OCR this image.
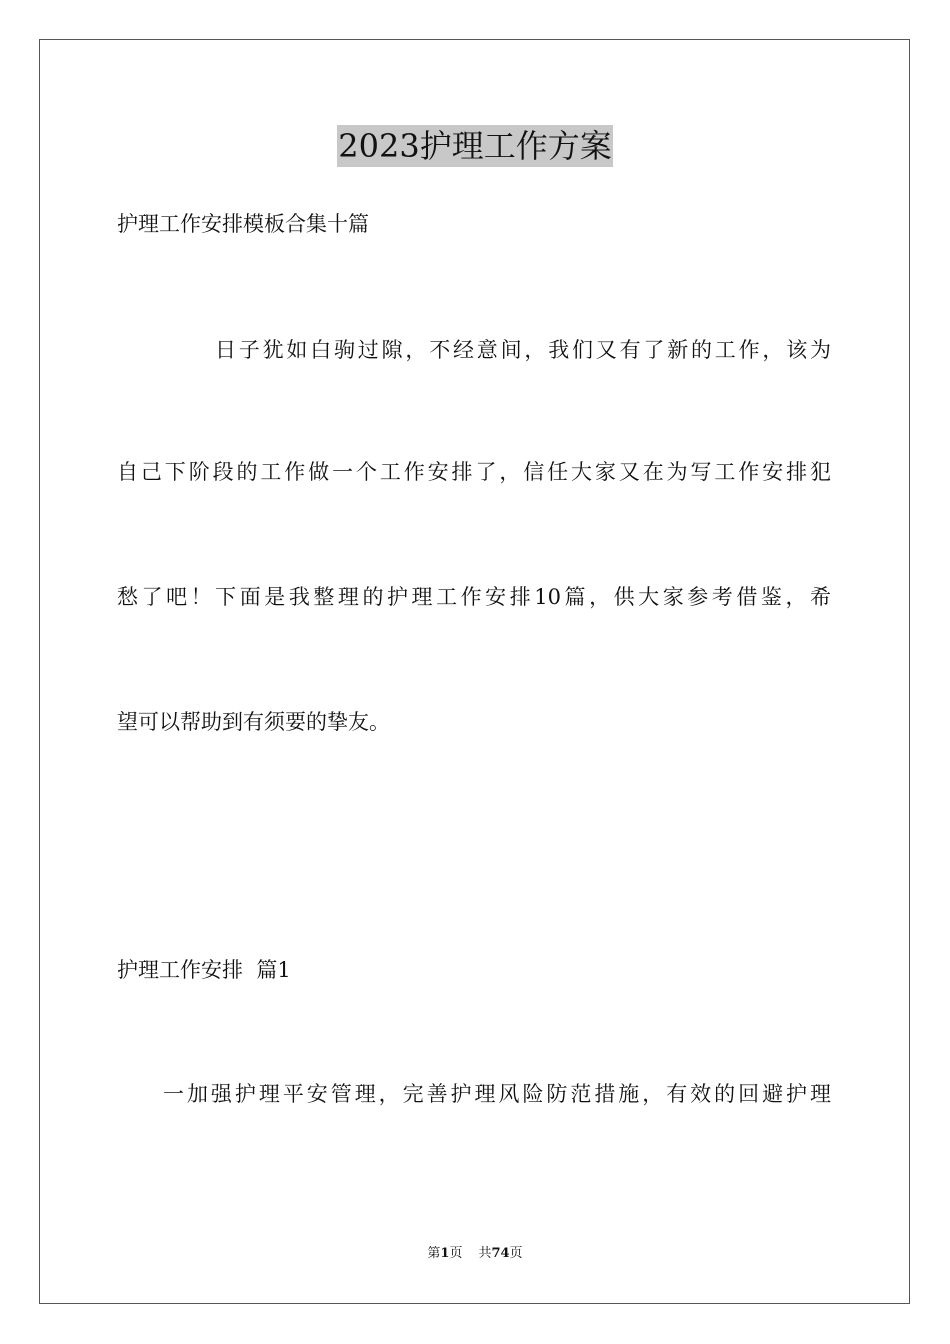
2023护理工作方案
护理工作安排模板合集十篇
日子犹如白驹过隙，不经意间，我们又有了新的工作，该为
自己下阶段的工作做一个工作安排了，信任大家又在为写工作安排犯
愁了吧！下面是我整理的护理工作安排10篇，供大家参考借鉴，希
望可以帮助到有须要的挚友。
护理工作安排  篇1
一加强护理平安管理，完善护理风险防范措施，有效的回避护理
第1页 共74页
